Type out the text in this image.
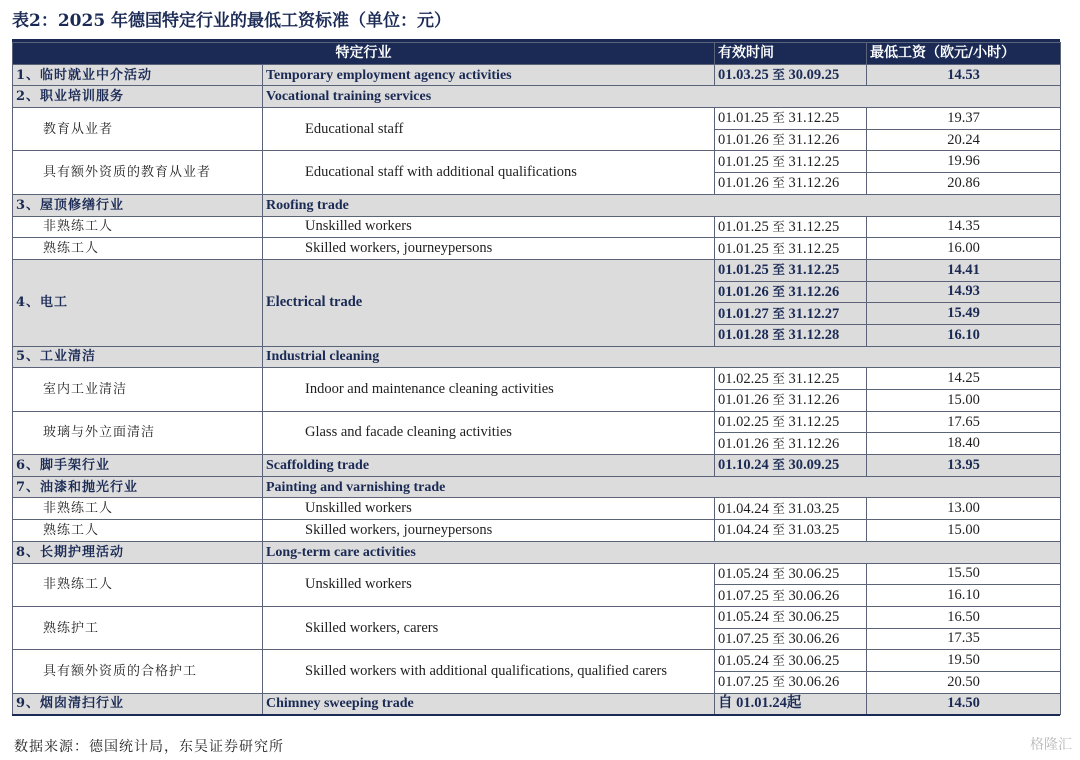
表2：2025 年德国特定行业的最低工资标准（单位：元）
特定行业		有效时间	最低工资（欧元/小时）
1、临时就业中介活动	Temporary employment agency activities	01.03.25 至 30.09.25	14.53
2、职业培训服务	Vocational training services		
教育从业者	Educational staff	01.01.25 至 31.12.25	19.37
		01.01.26 至 31.12.26	20.24
具有额外资质的教育从业者	Educational staff with additional qualifications	01.01.25 至 31.12.25	19.96
		01.01.26 至 31.12.26	20.86
3、屋顶修缮行业	Roofing trade		
非熟练工人	Unskilled workers	01.01.25 至 31.12.25	14.35
熟练工人	Skilled workers, journeypersons	01.01.25 至 31.12.25	16.00
4、电工	Electrical trade	01.01.25 至 31.12.25	14.41
		01.01.26 至 31.12.26	14.93
		01.01.27 至 31.12.27	15.49
		01.01.28 至 31.12.28	16.10
5、工业清洁	Industrial cleaning		
室内工业清洁	Indoor and maintenance cleaning activities	01.02.25 至 31.12.25	14.25
		01.01.26 至 31.12.26	15.00
玻璃与外立面清洁	Glass and facade cleaning activities	01.02.25 至 31.12.25	17.65
		01.01.26 至 31.12.26	18.40
6、脚手架行业	Scaffolding trade	01.10.24 至 30.09.25	13.95
7、油漆和抛光行业	Painting and varnishing trade		
非熟练工人	Unskilled workers	01.04.24 至 31.03.25	13.00
熟练工人	Skilled workers, journeypersons	01.04.24 至 31.03.25	15.00
8、长期护理活动	Long-term care activities		
非熟练工人	Unskilled workers	01.05.24 至 30.06.25	15.50
		01.07.25 至 30.06.26	16.10
熟练护工	Skilled workers, carers	01.05.24 至 30.06.25	16.50
		01.07.25 至 30.06.26	17.35
具有额外资质的合格护工	Skilled workers with additional qualifications, qualified carers	01.05.24 至 30.06.25	19.50
		01.07.25 至 30.06.26	20.50
9、烟囱清扫行业	Chimney sweeping trade	自 01.01.24起	14.50
数据来源：德国统计局，东吴证券研究所	格隆汇
